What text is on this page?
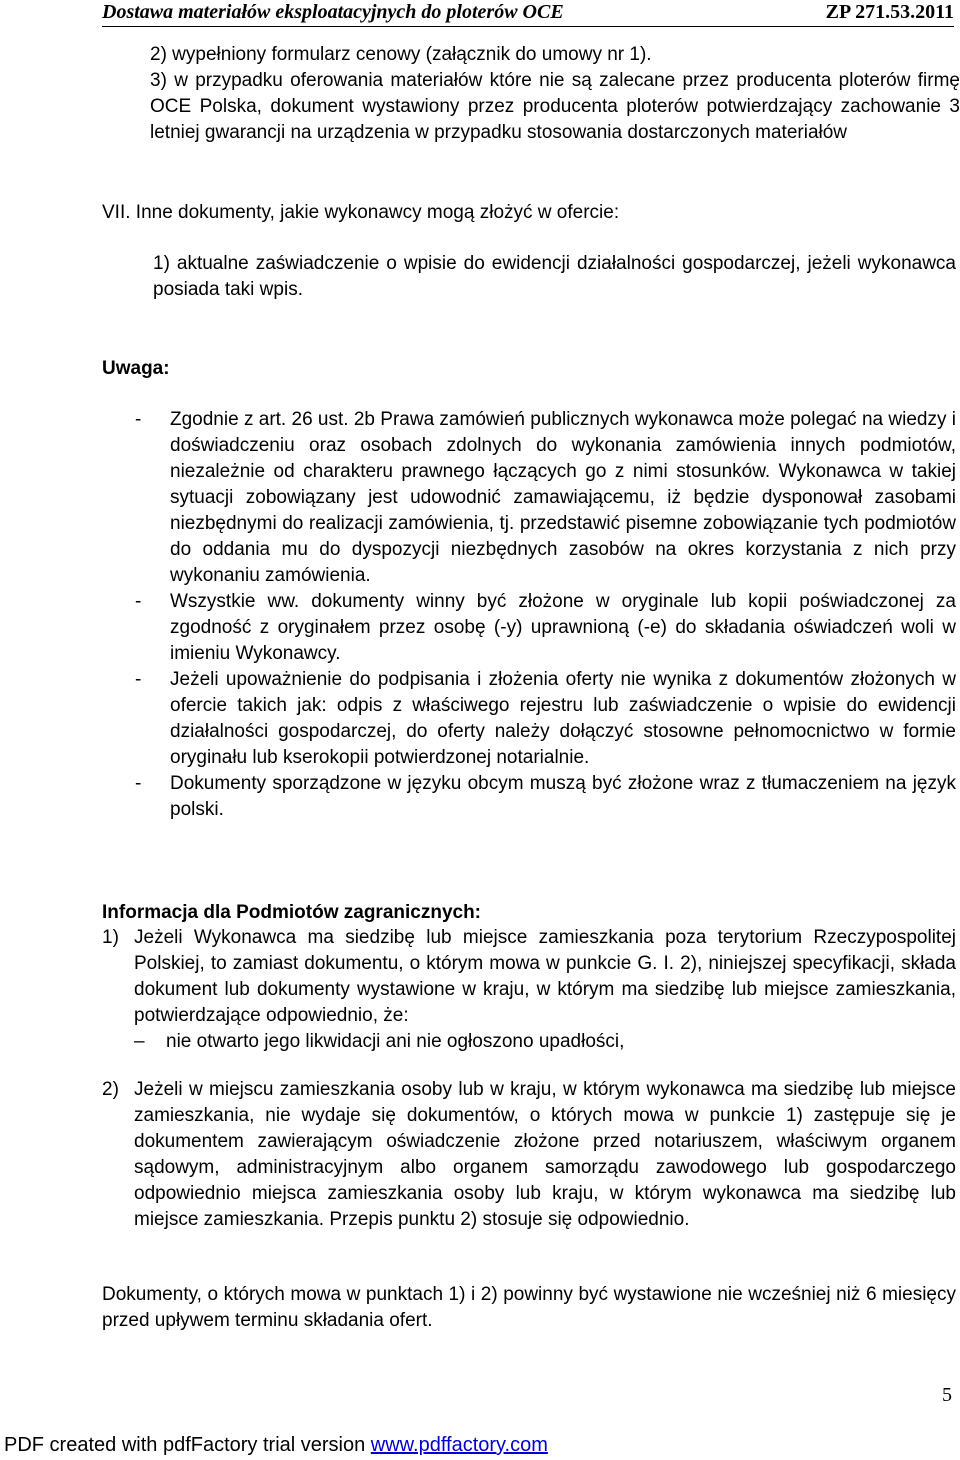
Dostawa materiałów eksploatacyjnych do ploterów OCE	ZP 271.53.2011

2) wypełniony formularz cenowy (załącznik do umowy nr 1).

3) w przypadku oferowania materiałów które nie są zalecane przez producenta ploterów firmę OCE Polska, dokument wystawiony przez producenta ploterów potwierdzający zachowanie 3 letniej gwarancji na urządzenia w przypadku stosowania dostarczonych materiałów

VII. Inne dokumenty, jakie wykonawcy mogą złożyć w ofercie:
1) aktualne zaświadczenie o wpisie do ewidencji działalności gospodarczej, jeżeli wykonawca posiada taki wpis.
Uwaga:
- Zgodnie z art. 26 ust. 2b Prawa zamówień publicznych wykonawca może polegać na wiedzy i doświadczeniu oraz osobach zdolnych do wykonania zamówienia innych podmiotów, niezależnie od charakteru prawnego łączących go z nimi stosunków. Wykonawca w takiej sytuacji zobowiązany jest udowodnić zamawiającemu, iż będzie dysponował zasobami niezbędnymi do realizacji zamówienia, tj. przedstawić pisemne zobowiązanie tych podmiotów do oddania mu do dyspozycji niezbędnych zasobów na okres korzystania z nich przy wykonaniu zamówienia.
- Wszystkie ww. dokumenty winny być złożone w oryginale lub kopii poświadczonej za zgodność z oryginałem przez osobę (-y) uprawnioną (-e) do składania oświadczeń woli w imieniu Wykonawcy.
- Jeżeli upoważnienie do podpisania i złożenia oferty nie wynika z dokumentów złożonych w ofercie takich jak: odpis z właściwego rejestru lub zaświadczenie o wpisie do ewidencji działalności gospodarczej, do oferty należy dołączyć stosowne pełnomocnictwo w formie oryginału lub kserokopii potwierdzonej notarialnie.
- Dokumenty sporządzone w języku obcym muszą być złożone wraz z tłumaczeniem na język polski.
Informacja dla Podmiotów zagranicznych:
1) Jeżeli Wykonawca ma siedzibę lub miejsce zamieszkania poza terytorium Rzeczypospolitej Polskiej, to zamiast dokumentu, o którym mowa w punkcie G. I. 2), niniejszej specyfikacji, składa dokument lub dokumenty wystawione w kraju, w którym ma siedzibę lub miejsce zamieszkania, potwierdzające odpowiednio, że:
– nie otwarto jego likwidacji ani nie ogłoszono upadłości,
2) Jeżeli w miejscu zamieszkania osoby lub w kraju, w którym wykonawca ma siedzibę lub miejsce zamieszkania, nie wydaje się dokumentów, o których mowa w punkcie 1) zastępuje się je dokumentem zawierającym oświadczenie złożone przed notariuszem, właściwym organem sądowym, administracyjnym albo organem samorządu zawodowego lub gospodarczego odpowiednio miejsca zamieszkania osoby lub kraju, w którym wykonawca ma siedzibę lub miejsce zamieszkania. Przepis punktu 2) stosuje się odpowiednio.
Dokumenty, o których mowa w punktach 1) i 2) powinny być wystawione nie wcześniej niż 6 miesięcy przed upływem terminu składania ofert.
5
PDF created with pdfFactory trial version www.pdffactory.com
